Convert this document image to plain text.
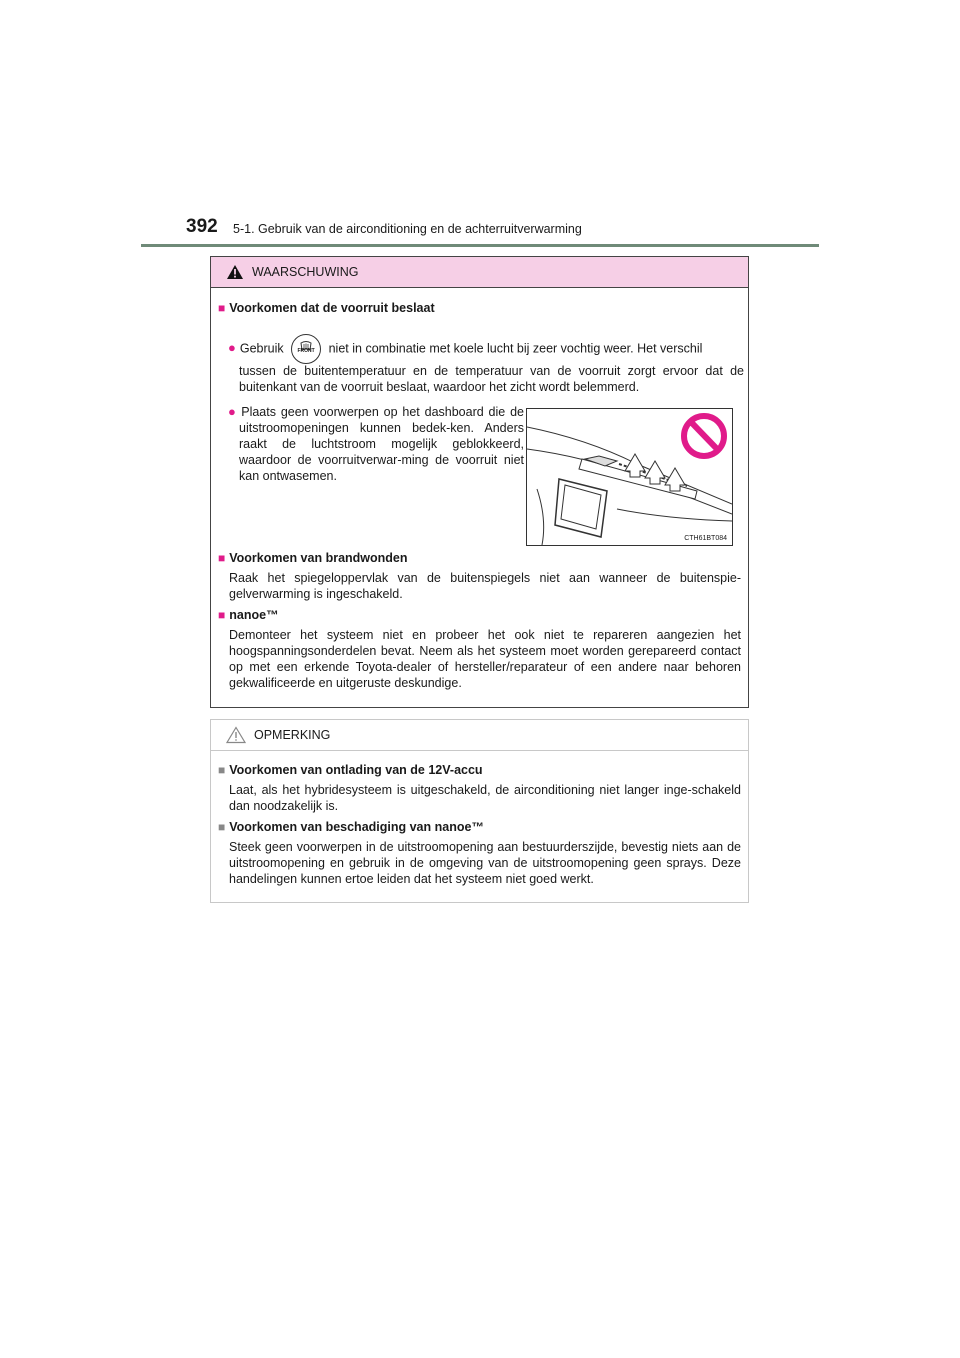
392 5-1. Gebruik van de airconditioning en de achterruitverwarming
WAARSCHUWING
■ Voorkomen dat de voorruit beslaat
● Gebruik	FRONT	niet in combinatie met koele lucht bij zeer vochtig weer. Het verschil
tussen de buitentemperatuur en de temperatuur van de voorruit zorgt ervoor dat de buitenkant van de voorruit beslaat, waardoor het zicht wordt belemmerd.
● Plaats geen voorwerpen op het dashboard die de uitstroomopeningen kunnen bedek-ken. Anders raakt de luchtstroom mogelijk geblokkeerd, waardoor de voorruitverwar-ming de voorruit niet kan ontwasemen.
CTH61BT084
■ Voorkomen van brandwonden
Raak het spiegeloppervlak van de buitenspiegels niet aan wanneer de buitenspie-gelverwarming is ingeschakeld.
■ nanoe™
Demonteer het systeem niet en probeer het ook niet te repareren aangezien het hoogspanningsonderdelen bevat. Neem als het systeem moet worden gerepareerd contact op met een erkende Toyota-dealer of hersteller/reparateur of een andere naar behoren gekwalificeerde en uitgeruste deskundige.
OPMERKING
■ Voorkomen van ontlading van de 12V-accu
Laat, als het hybridesysteem is uitgeschakeld, de airconditioning niet langer inge-schakeld dan noodzakelijk is.
■ Voorkomen van beschadiging van nanoe™
Steek geen voorwerpen in de uitstroomopening aan bestuurderszijde, bevestig niets aan de uitstroomopening en gebruik in de omgeving van de uitstroomopening geen sprays. Deze handelingen kunnen ertoe leiden dat het systeem niet goed werkt.
